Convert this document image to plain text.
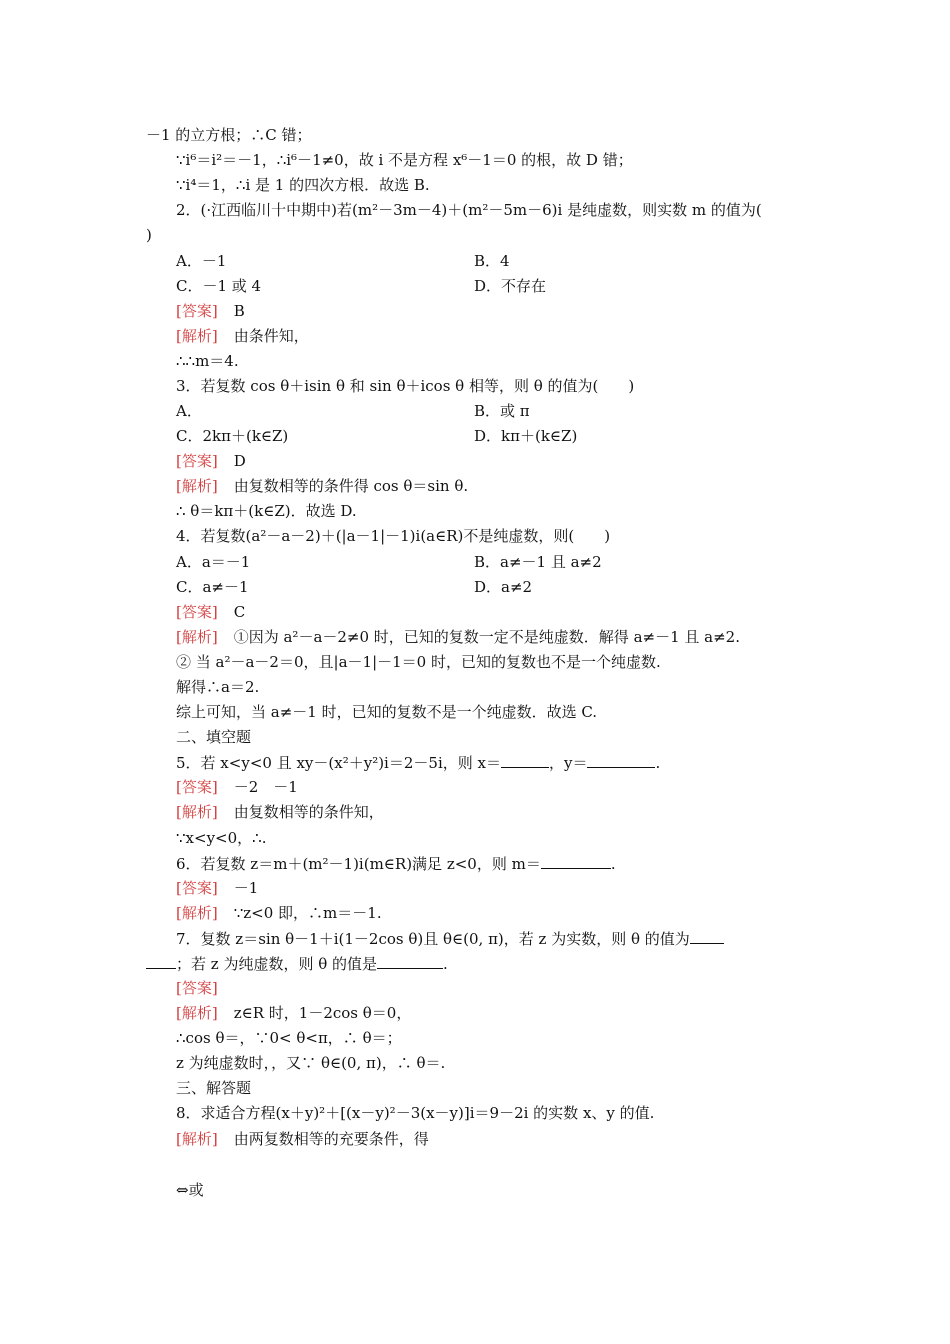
－1 的立方根；∴C 错；
∵i⁶＝i²＝－1，∴i⁶－1≠0，故 i 不是方程 x⁶－1＝0 的根，故 D 错；
∵i⁴＝1，∴i 是 1 的四次方根．故选 B.
2．(·江西临川十中期中)若(m²－3m－4)＋(m²－5m－6)i 是纯虚数，则实数 m 的值为(
)
A．－1	B．4
C．－1 或 4	D．不存在
[答案] B
[解析] 由条件知，
∴∴m＝4.
3．若复数 cos θ＋isin θ 和 sin θ＋icos θ 相等，则 θ 的值为(　　)
A．	B．或 π
C．2kπ＋(k∈Z)	D．kπ＋(k∈Z)
[答案] D
[解析] 由复数相等的条件得 cos θ＝sin θ.
∴ θ＝kπ＋(k∈Z)．故选 D.
4．若复数(a²－a－2)＋(|a－1|－1)i(a∈R)不是纯虚数，则(　　)
A．a＝－1	B．a≠－1 且 a≠2
C．a≠－1	D．a≠2
[答案] C
[解析] ①因为 a²－a－2≠0 时，已知的复数一定不是纯虚数．解得 a≠－1 且 a≠2.
② 当 a²－a－2＝0，且|a－1|－1＝0 时，已知的复数也不是一个纯虚数.
解得∴a＝2.
综上可知，当 a≠－1 时，已知的复数不是一个纯虚数．故选 C.
二、填空题
5．若 x<y<0 且 xy－(x²＋y²)i＝2－5i，则 x＝	，y＝	.
[答案] －2　－1
[解析] 由复数相等的条件知，
∵x<y<0，∴.
6．若复数 z＝m＋(m²－1)i(m∈R)满足 z<0，则 m＝	.
[答案] －1
[解析] ∵z<0 即，∴m＝－1.
7．复数 z＝sin θ－1＋i(1－2cos θ)且 θ∈(0, π)，若 z 为实数，则 θ 的值为
；若 z 为纯虚数，则 θ 的值是	.
[答案]
[解析] z∈R 时，1－2cos θ＝0，
∴cos θ＝，∵0< θ<π，∴ θ＝；
z 为纯虚数时，，又∵ θ∈(0, π)，∴ θ＝.
三、解答题
8．求适合方程(x＋y)²＋[(x－y)²－3(x－y)]i＝9－2i 的实数 x、y 的值.
[解析] 由两复数相等的充要条件，得
⇔或
